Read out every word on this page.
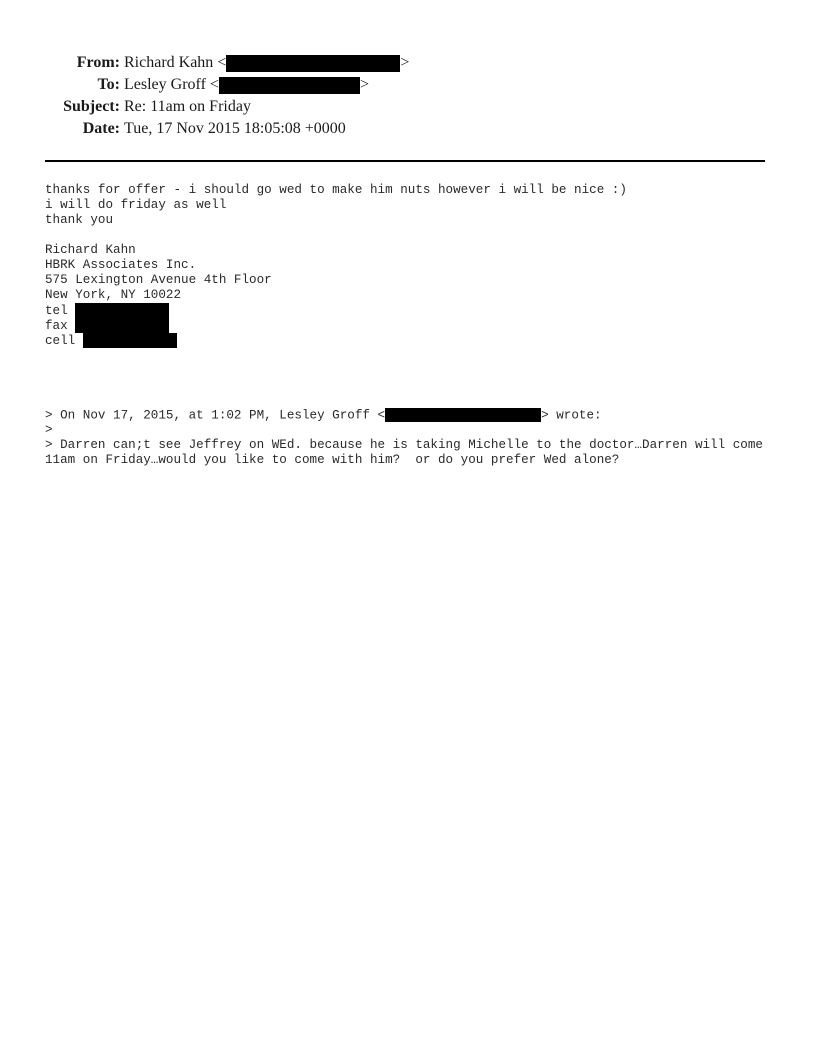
From: Richard Kahn <	>
To: Lesley Groff <	>
Subject: Re: 11am on Friday
Date: Tue, 17 Nov 2015 18:05:08 +0000
thanks for offer - i should go wed to make him nuts however i will be nice :)
i will do friday as well
thank you
Richard Kahn
HBRK Associates Inc.
575 Lexington Avenue 4th Floor
New York, NY 10022
tel
fax
cell
> On Nov 17, 2015, at 1:02 PM, Lesley Groff <	> wrote:
>
> Darren can;t see Jeffrey on WEd. because he is taking Michelle to the doctor…Darren will come 11am on Friday…would you like to come with him?  or do you prefer Wed alone?
